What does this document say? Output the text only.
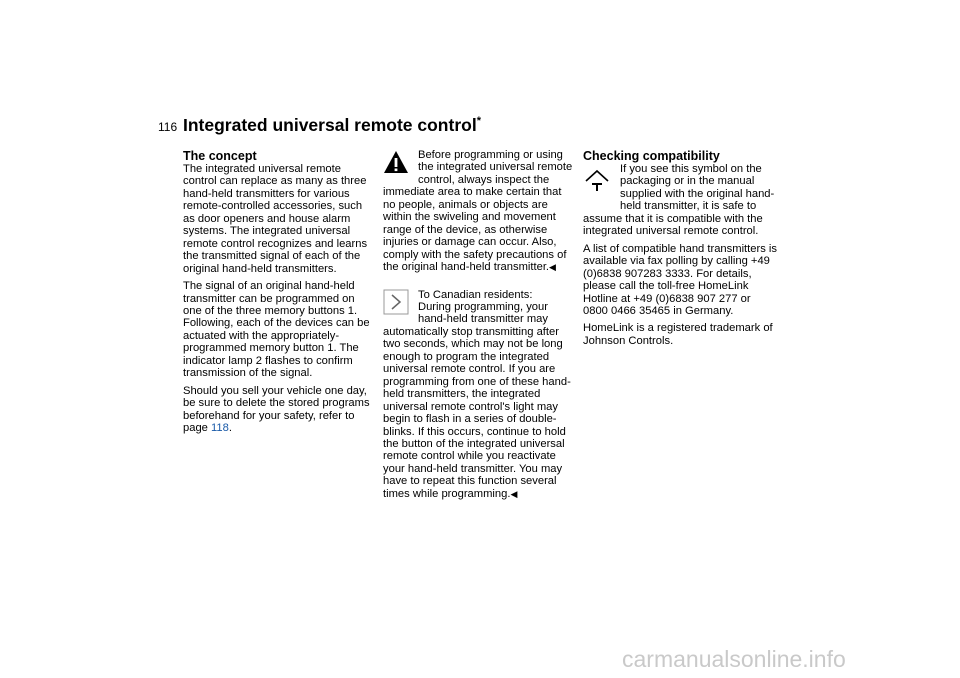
116 Integrated universal remote control*
The concept

The integrated universal remote control can replace as many as three hand-held transmitters for various remote-controlled accessories, such as door openers and house alarm systems. The integrated universal remote control recognizes and learns the transmitted signal of each of the original hand-held transmitters.

The signal of an original hand-held transmitter can be programmed on one of the three memory buttons 1. Following, each of the devices can be actuated with the appropriately-programmed memory button 1. The indicator lamp 2 flashes to confirm transmission of the signal.

Should you sell your vehicle one day, be sure to delete the stored programs beforehand for your safety, refer to page 118.

Before programming or using the integrated universal remote control, always inspect the immediate area to make certain that no people, animals or objects are within the swiveling and movement range of the device, as otherwise injuries or damage can occur. Also, comply with the safety precautions of the original hand-held transmitter.◀

To Canadian residents:
During programming, your hand-held transmitter may automatically stop transmitting after two seconds, which may not be long enough to program the integrated universal remote control. If you are programming from one of these hand-held transmitters, the integrated universal remote control's light may begin to flash in a series of double-blinks. If this occurs, continue to hold the button of the integrated universal remote control while you reactivate your hand-held transmitter. You may have to repeat this function several times while programming.◀

Checking compatibility

If you see this symbol on the packaging or in the manual supplied with the original hand-held transmitter, it is safe to assume that it is compatible with the integrated universal remote control.

A list of compatible hand transmitters is available via fax polling by calling +49 (0)6838 907283 3333. For details, please call the toll-free HomeLink Hotline at +49 (0)6838 907 277 or 0800 0466 35465 in Germany.

HomeLink is a registered trademark of Johnson Controls.

carmanualsonline.info
